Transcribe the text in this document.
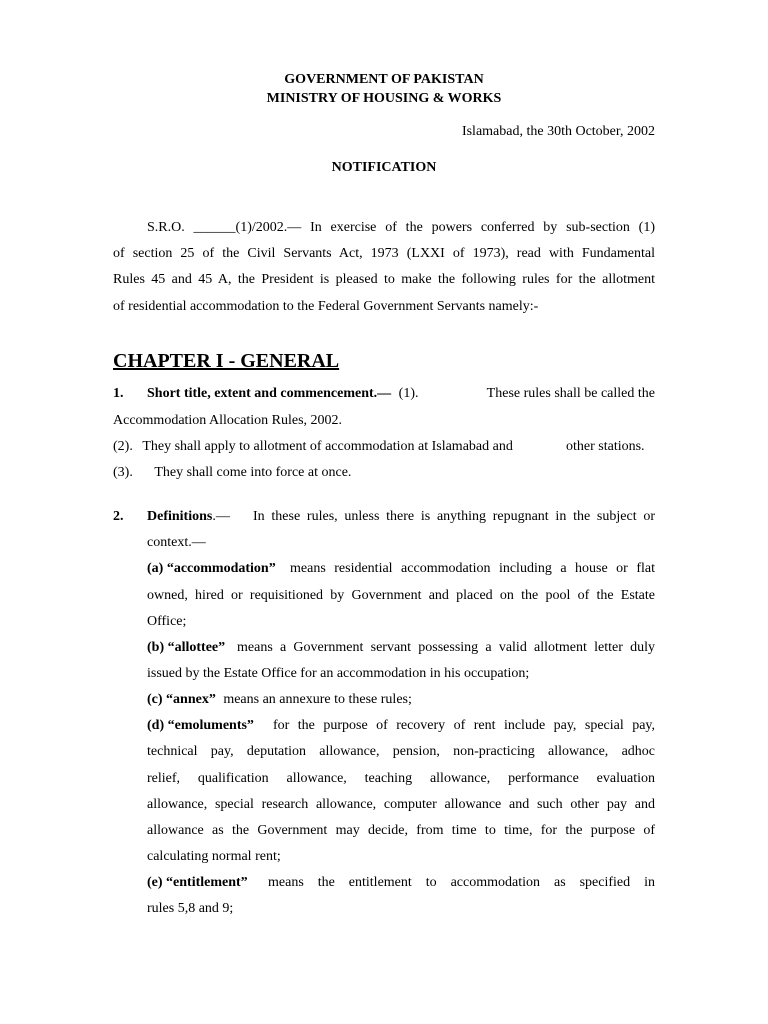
GOVERNMENT OF PAKISTAN
MINISTRY OF HOUSING & WORKS
Islamabad, the 30th October, 2002
NOTIFICATION
S.R.O. ______(1)/2002.— In exercise of the powers conferred by sub-section (1)
of section 25 of the Civil Servants Act, 1973 (LXXI of 1973), read with Fundamental
Rules 45 and 45 A, the President is pleased to make the following rules for the allotment
of residential accommodation to the Federal Government Servants namely:-
CHAPTER I - GENERAL
1. Short title, extent and commencement.— (1).	These rules shall be called the
Accommodation Allocation Rules, 2002.
(2). They shall apply to allotment of accommodation at Islamabad and	other stations.
(3). They shall come into force at once.
2. Definitions.— In these rules, unless there is anything repugnant in the subject or
context.—
(a) “accommodation” means residential accommodation including a house or flat
owned, hired or requisitioned by Government and placed on the pool of the Estate
Office;
(b) “allottee” means a Government servant possessing a valid allotment letter duly
issued by the Estate Office for an accommodation in his occupation;
(c) “annex” means an annexure to these rules;
(d) “emoluments” for the purpose of recovery of rent include pay, special pay,
technical pay, deputation allowance, pension, non-practicing allowance, adhoc
relief, qualification allowance, teaching allowance, performance evaluation
allowance, special research allowance, computer allowance and such other pay and
allowance as the Government may decide, from time to time, for the purpose of
calculating normal rent;
(e) “entitlement” means the entitlement to accommodation as specified in
rules 5,8 and 9;
